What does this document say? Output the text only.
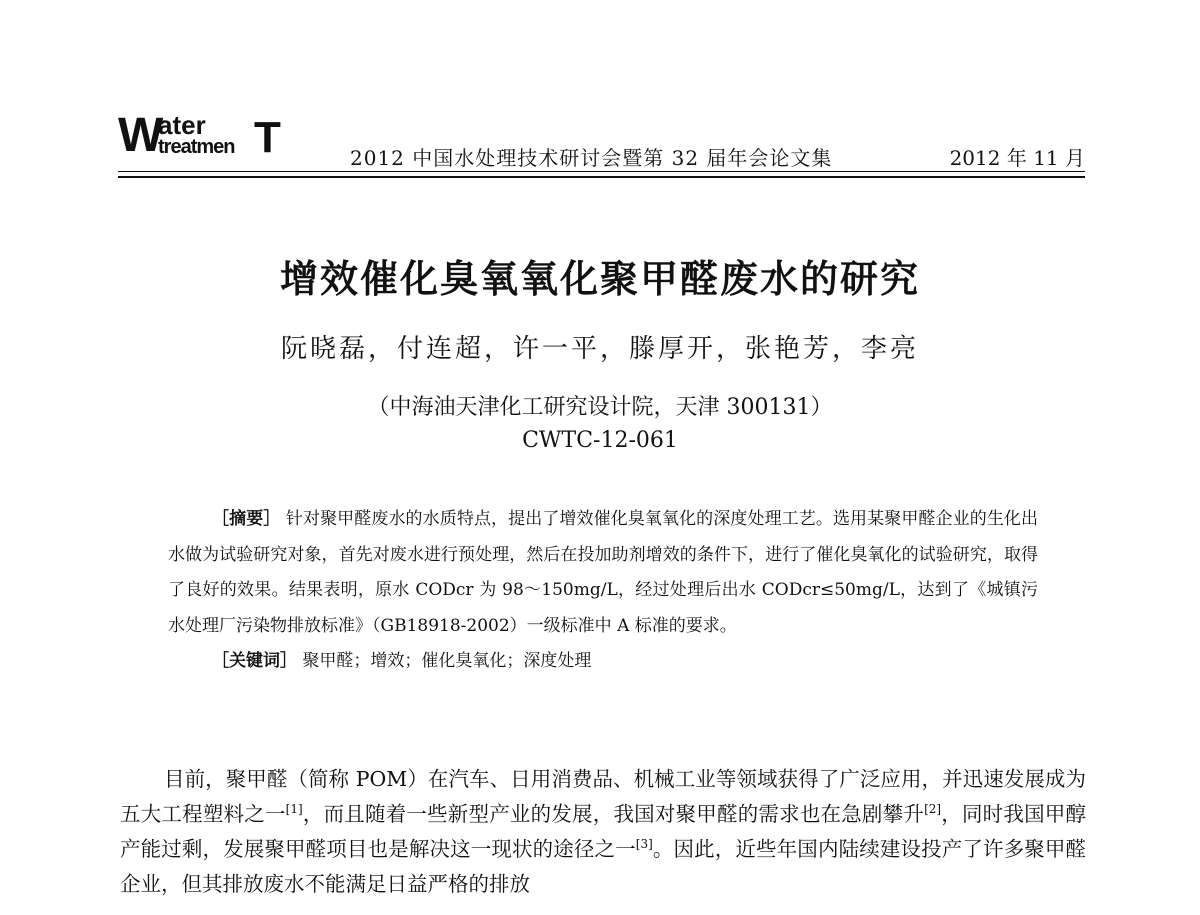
W
ater
treatmen T	2012 中国水处理技术研讨会暨第 32 届年会论文集	2012 年 11 月
增效催化臭氧氧化聚甲醛废水的研究
阮晓磊，付连超，许一平，滕厚开，张艳芳，李亮
（中海油天津化工研究设计院，天津 300131）
CWTC-12-061

［摘要］ 针对聚甲醛废水的水质特点，提出了增效催化臭氧氧化的深度处理工艺。选用某聚甲醛企业的生化出水做为试验研究对象，首先对废水进行预处理，然后在投加助剂增效的条件下，进行了催化臭氧化的试验研究，取得了良好的效果。结果表明，原水 CODcr 为 98～150mg/L，经过处理后出水 CODcr≤50mg/L，达到了《城镇污水处理厂污染物排放标准》（GB18918-2002）一级标准中 A 标准的要求。

［关键词］ 聚甲醛；增效；催化臭氧化；深度处理

目前，聚甲醛（简称 POM）在汽车、日用消费品、机械工业等领域获得了广泛应用，并迅速发展成为五大工程塑料之一[1]，而且随着一些新型产业的发展，我国对聚甲醛的需求也在急剧攀升[2]，同时我国甲醇产能过剩，发展聚甲醛项目也是解决这一现状的途径之一[3]。因此，近些年国内陆续建设投产了许多聚甲醛企业，但其排放废水不能满足日益严格的排放
